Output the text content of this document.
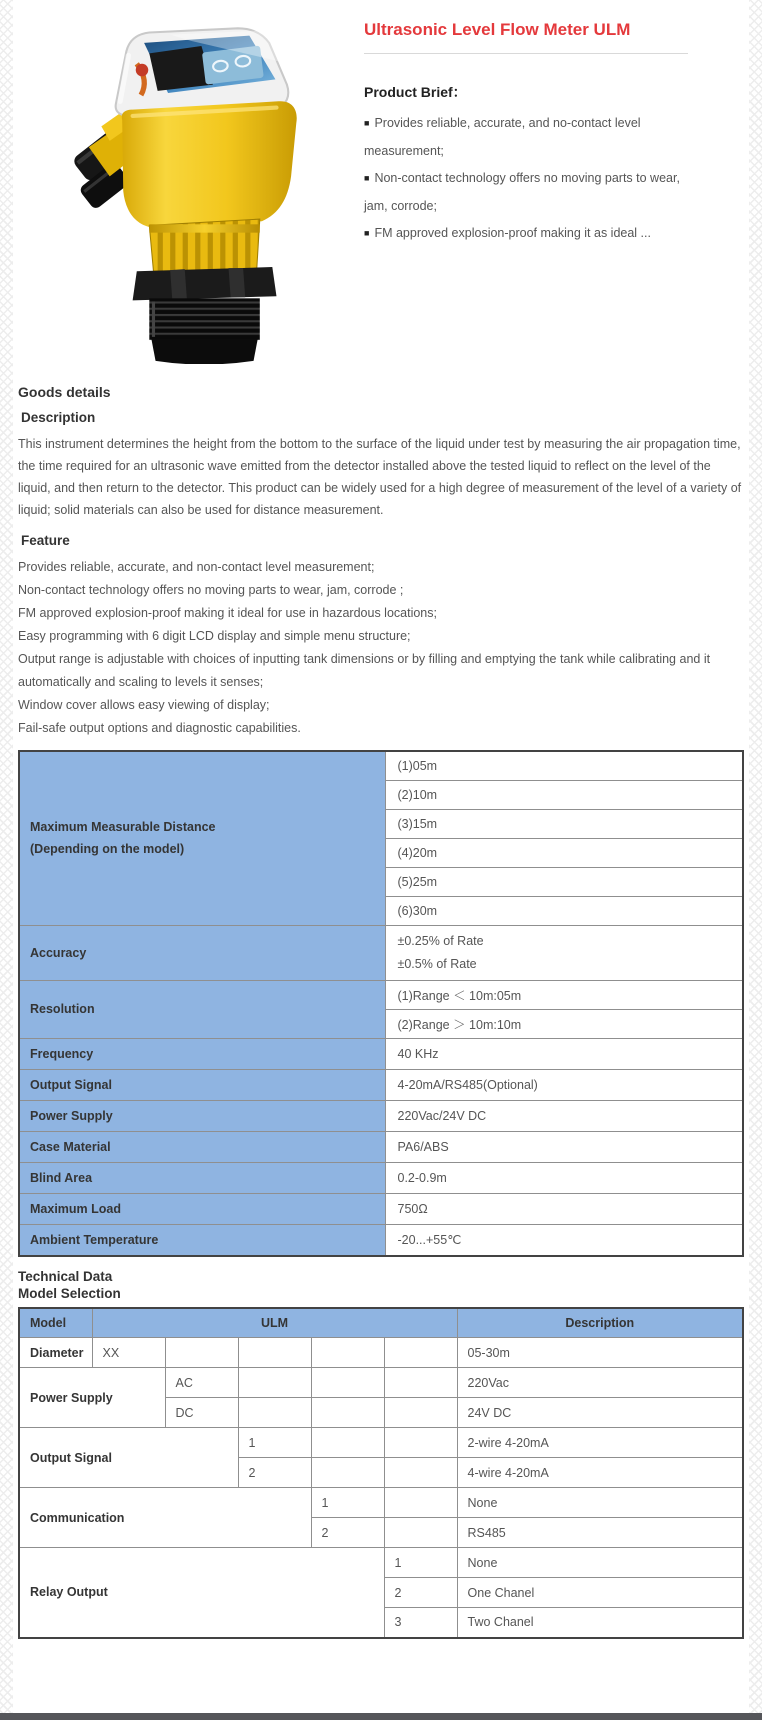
Ultrasonic Level Flow Meter ULM
Product Brief：
■ Provides reliable, accurate, and no-contact level measurement;
■ Non-contact technology offers no moving parts to wear, jam, corrode;
■ FM approved explosion-proof making it as ideal ...
Goods details
Description

This instrument determines the height from the bottom to the surface of the liquid under test by measuring the air propagation time, the time required for an ultrasonic wave emitted from the detector installed above the tested liquid to reflect on the level of the liquid, and then return to the detector. This product can be widely used for a high degree of measurement of the level of a variety of liquid; solid materials can also be used for distance measurement.

Feature

Provides reliable, accurate, and non-contact level measurement;

Non-contact technology offers no moving parts to wear, jam, corrode ;

FM approved explosion-proof making it ideal for use in hazardous locations;

Easy programming with 6 digit LCD display and simple menu structure;

Output range is adjustable with choices of inputting tank dimensions or by filling and emptying the tank while calibrating and it automatically and scaling to levels it senses;

Window cover allows easy viewing of display;

Fail-safe output options and diagnostic capabilities.

Maximum Measurable Distance
(Depending on the model)	(1)05m
	(2)10m
	(3)15m
	(4)20m
	(5)25m
	(6)30m

Accuracy	±0.25% of Rate
±0.5% of Rate

Resolution	(1)Range ＜ 10m:05m
	(2)Range ＞ 10m:10m

Frequency	40 KHz

Output Signal	4-20mA/RS485(Optional)

Power Supply	220Vac/24V DC

Case Material	PA6/ABS

Blind Area	0.2-0.9m

Maximum Load	750Ω

Ambient Temperature	-20...+55℃
Technical Data
Model Selection
Model	ULM					Description
Diameter	XX					05-30m
Power Supply		AC				220Vac
		DC				24V DC
Output Signal			1			2-wire 4-20mA
			2			4-wire 4-20mA
Communication				1		None
				2		RS485
Relay Output					1	None
					2	One Chanel
					3	Two Chanel
